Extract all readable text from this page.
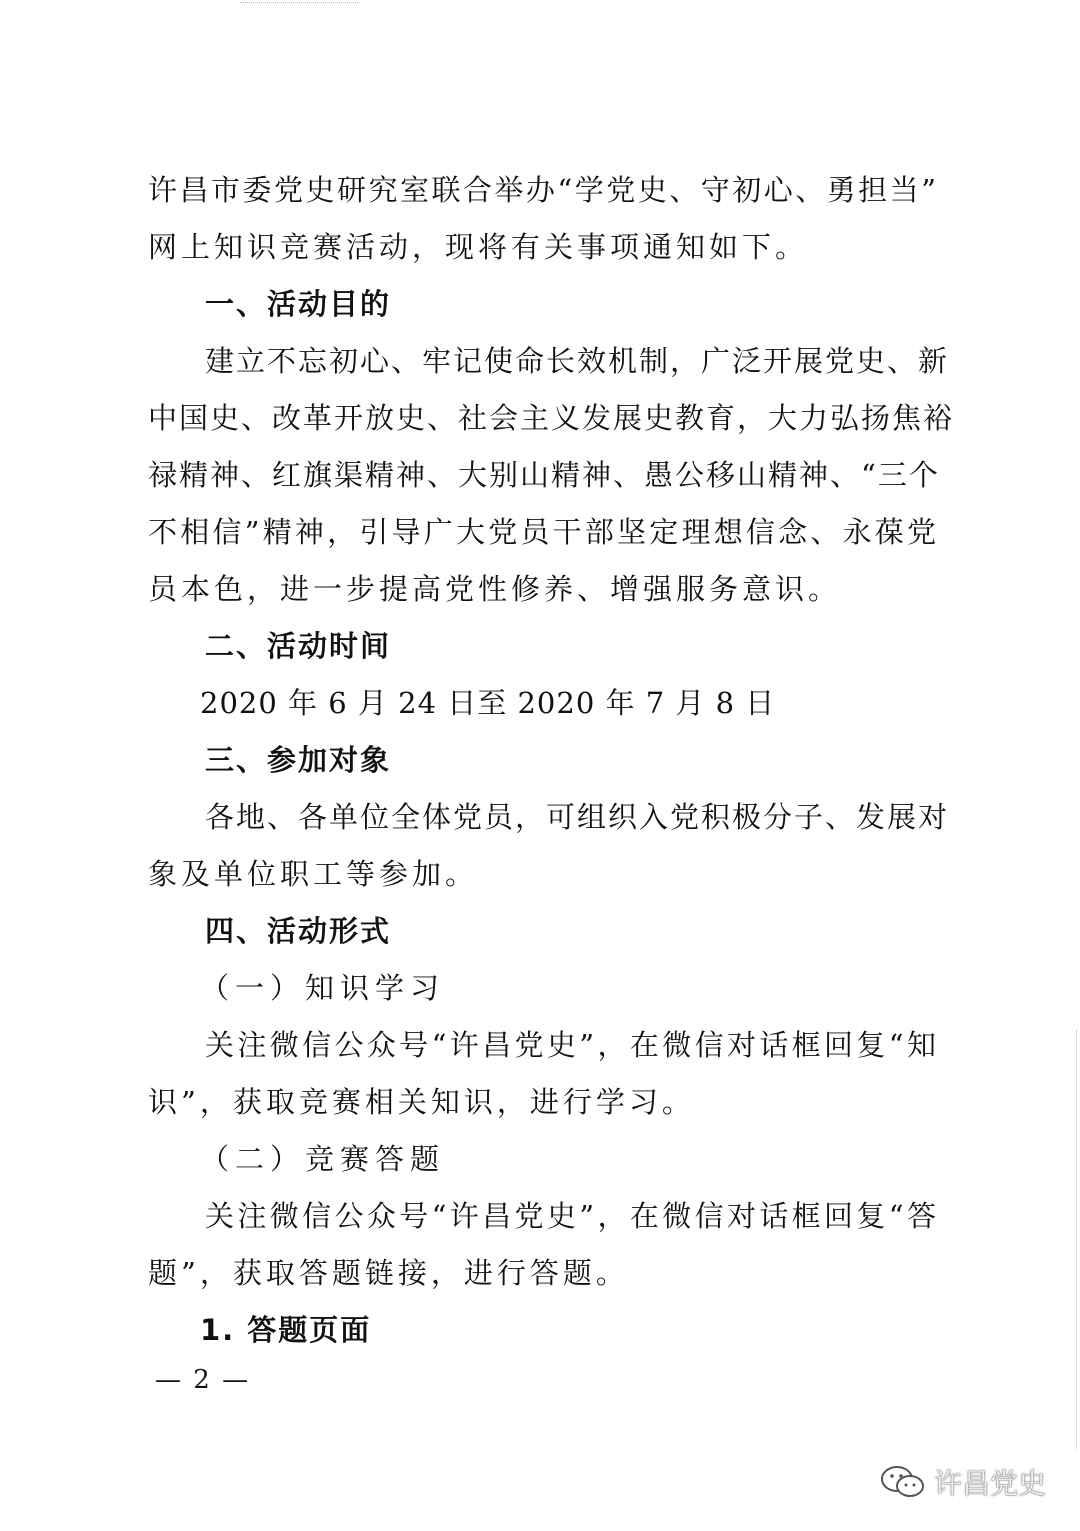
许昌市委党史研究室联合举办“学党史、守初心、勇担当”
网上知识竞赛活动，现将有关事项通知如下。
一、活动目的
建立不忘初心、牢记使命长效机制，广泛开展党史、新
中国史、改革开放史、社会主义发展史教育，大力弘扬焦裕
禄精神、红旗渠精神、大别山精神、愚公移山精神、“三个
不相信”精神，引导广大党员干部坚定理想信念、永葆党
员本色，进一步提高党性修养、增强服务意识。
二、活动时间
2020 年 6 月 24 日至 2020 年 7 月 8 日
三、参加对象
各地、各单位全体党员，可组织入党积极分子、发展对
象及单位职工等参加。
四、活动形式
（一）知识学习
关注微信公众号“许昌党史”，在微信对话框回复“知
识”，获取竞赛相关知识，进行学习。
（二）竞赛答题
关注微信公众号“许昌党史”，在微信对话框回复“答
题”，获取答题链接，进行答题。
1. 答题页面
— 2 —
许昌党史
